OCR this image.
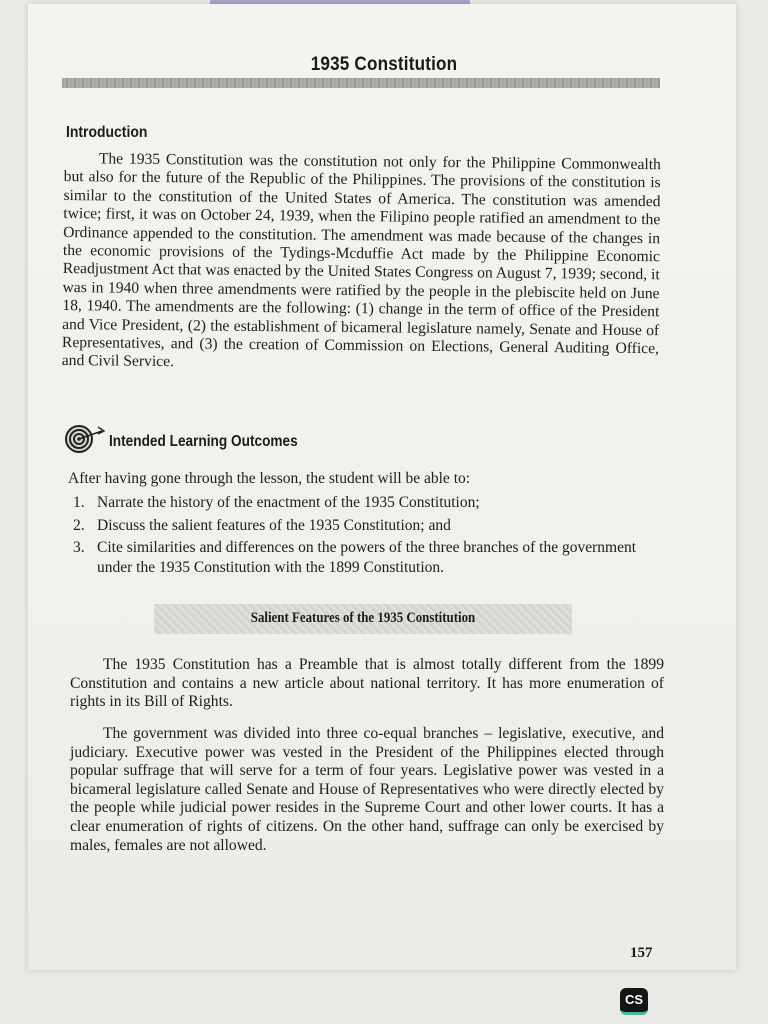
1935 Constitution
Introduction
The 1935 Constitution was the constitution not only for the Philippine Commonwealth but also for the future of the Republic of the Philippines. The provisions of the constitution is similar to the constitution of the United States of America. The constitution was amended twice; first, it was on October 24, 1939, when the Filipino people ratified an amendment to the Ordinance appended to the constitution. The amendment was made because of the changes in the economic provisions of the Tydings-Mcduffie Act made by the Philippine Economic Readjustment Act that was enacted by the United States Congress on August 7, 1939; second, it was in 1940 when three amendments were ratified by the people in the plebiscite held on June 18, 1940. The amendments are the following: (1) change in the term of office of the President and Vice President, (2) the establishment of bicameral legislature namely, Senate and House of Representatives, and (3) the creation of Commission on Elections, General Auditing Office, and Civil Service.
Intended Learning Outcomes
After having gone through the lesson, the student will be able to:
1. Narrate the history of the enactment of the 1935 Constitution;
2. Discuss the salient features of the 1935 Constitution; and
3. Cite similarities and differences on the powers of the three branches of the government under the 1935 Constitution with the 1899 Constitution.
Salient Features of the 1935 Constitution
The 1935 Constitution has a Preamble that is almost totally different from the 1899 Constitution and contains a new article about national territory. It has more enumeration of rights in its Bill of Rights.
The government was divided into three co-equal branches – legislative, executive, and judiciary. Executive power was vested in the President of the Philippines elected through popular suffrage that will serve for a term of four years. Legislative power was vested in a bicameral legislature called Senate and House of Representatives who were directly elected by the people while judicial power resides in the Supreme Court and other lower courts. It has a clear enumeration of rights of citizens. On the other hand, suffrage can only be exercised by males, females are not allowed.
157
CS
